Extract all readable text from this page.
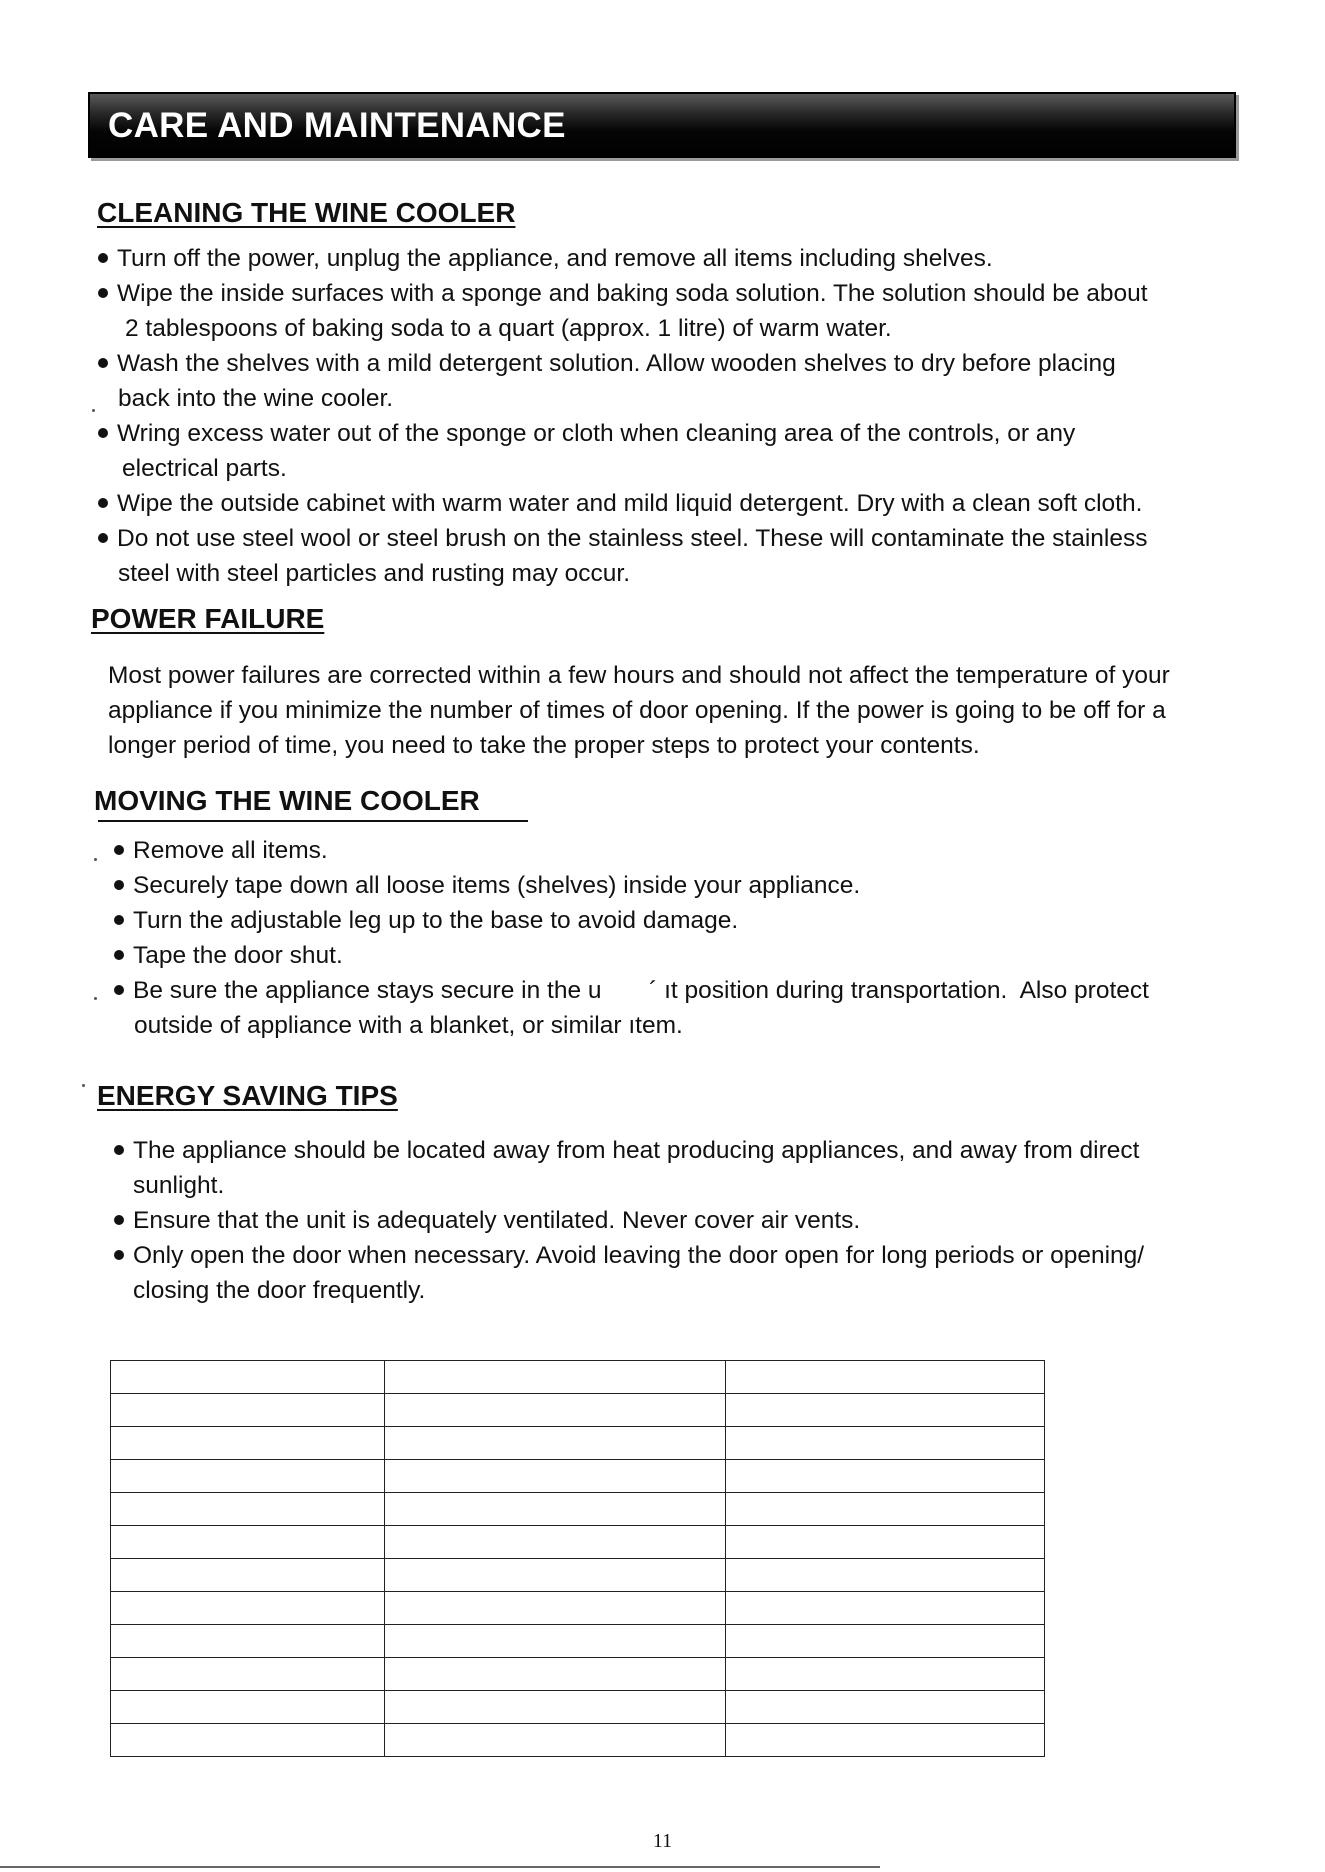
CARE AND MAINTENANCE
CLEANING THE WINE COOLER
Turn off the power, unplug the appliance, and remove all items including shelves.
Wipe the inside surfaces with a sponge and baking soda solution. The solution should be about
2 tablespoons of baking soda to a quart (approx. 1 litre) of warm water.
Wash the shelves with a mild detergent solution. Allow wooden shelves to dry before placing
back into the wine cooler.
Wring excess water out of the sponge or cloth when cleaning area of the controls, or any
electrical parts.
Wipe the outside cabinet with warm water and mild liquid detergent. Dry with a clean soft cloth.
Do not use steel wool or steel brush on the stainless steel. These will contaminate the stainless
steel with steel particles and rusting may occur.
POWER FAILURE
Most power failures are corrected within a few hours and should not affect the temperature of your
appliance if you minimize the number of times of door opening. If the power is going to be off for a
longer period of time, you need to take the proper steps to protect your contents.
MOVING THE WINE COOLER
Remove all items.
Securely tape down all loose items (shelves) inside your appliance.
Turn the adjustable leg up to the base to avoid damage.
Tape the door shut.
Be sure the appliance stays secure in the u       ´ ıt position during transportation.  Also protect
outside of appliance with a blanket, or similar ıtem.
ENERGY SAVING TIPS
The appliance should be located away from heat producing appliances, and away from direct
sunlight.
Ensure that the unit is adequately ventilated. Never cover air vents.
Only open the door when necessary. Avoid leaving the door open for long periods or opening/
closing the door frequently.

11
